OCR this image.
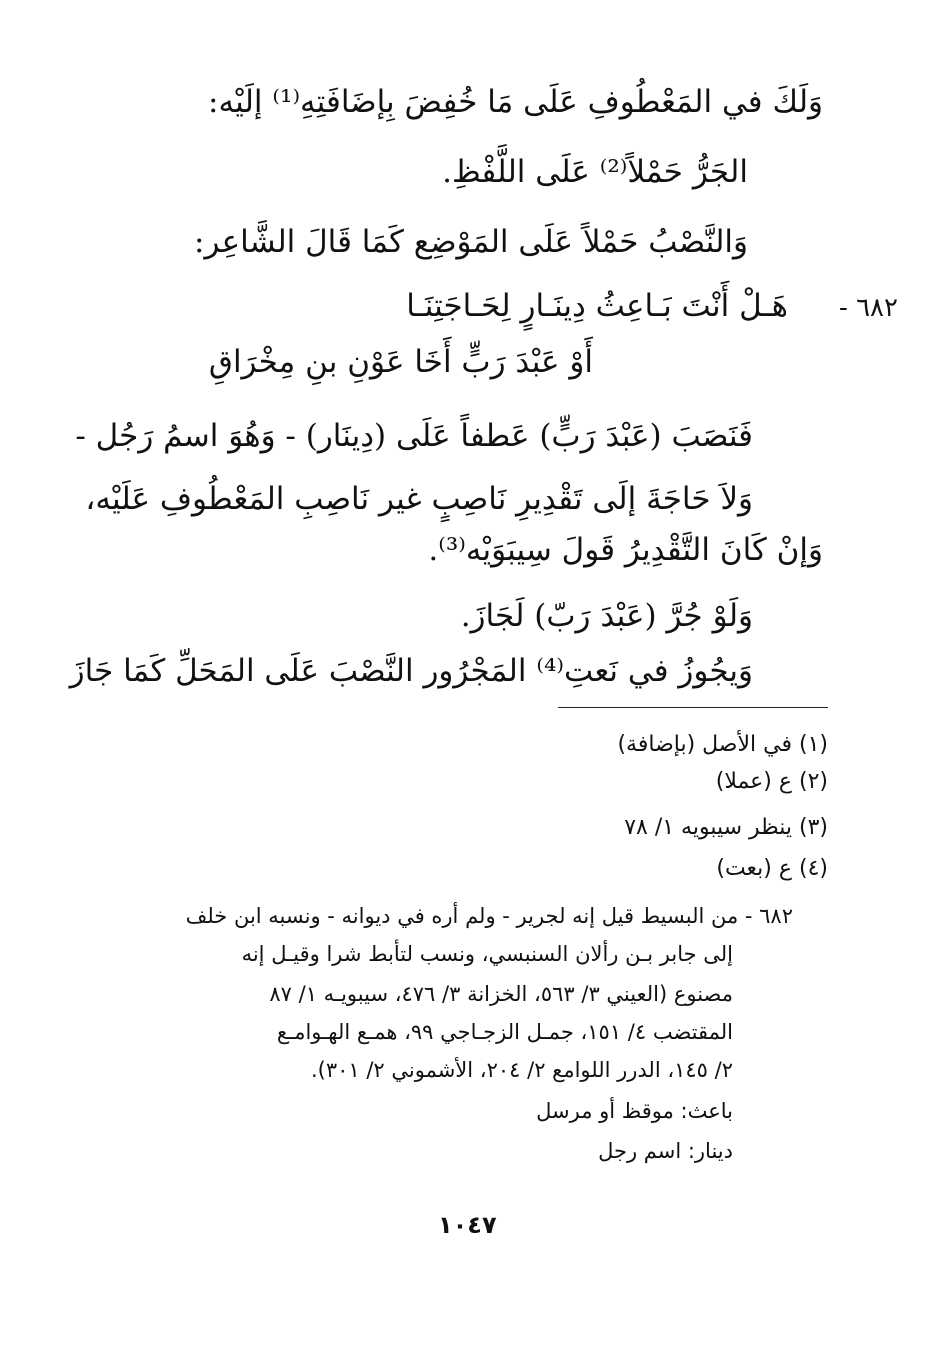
وَلَكَ في المَعْطُوفِ عَلَى مَا خُفِضَ بِإضَافَتِهِ⁽¹⁾ إلَيْه:

الجَرُّ حَمْلاً⁽²⁾ عَلَى اللَّفْظِ.

وَالنَّصْبُ حَمْلاً عَلَى المَوْضِع كَمَا قَالَ الشَّاعِر:

٦٨٢ -

هَـلْ أَنْتَ بَـاعِثُ دِينَـارٍ لِحَـاجَتِنَـا

أَوْ عَبْدَ رَبٍّ أَخَا عَوْنِ بنِ مِخْرَاقِ

فَنَصَبَ (عَبْدَ رَبٍّ) عَطفاً عَلَى (دِينَار) - وَهُوَ اسمُ رَجُل -

وَلاَ حَاجَةَ إلَى تَقْدِيرِ نَاصِبٍ غير نَاصِبِ المَعْطُوفِ عَلَيْه،

وَإنْ كَانَ التَّقْدِيرُ قَولَ سِيبَوَيْه⁽³⁾.

وَلَوْ جُرَّ (عَبْدَ رَبّ) لَجَازَ.

وَيجُوزُ في نَعتِ⁽⁴⁾ المَجْرُور النَّصْبَ عَلَى المَحَلِّ كَمَا جَازَ

(١) في الأصل (بإضافة)

(٢) ع (عملا)

(٣) ينظر سيبويه ١/ ٧٨

(٤) ع (بعت)

٦٨٢ - من البسيط قيل إنه لجرير - ولم أره في ديوانه - ونسبه ابن خلف

إلى جابر بـن رألان السنبسي، ونسب لتأبط شرا وقيـل إنه

مصنوع (العيني ٣/ ٥٦٣، الخزانة ٣/ ٤٧٦، سيبويـه ١/ ٨٧

المقتضب ٤/ ١٥١، جمـل الزجـاجي ٩٩، همـع الهـوامـع

٢/ ١٤٥، الدرر اللوامع ٢/ ٢٠٤، الأشموني ٢/ ٣٠١).

باعث: موقظ أو مرسل

دينار: اسم رجل

١٠٤٧
